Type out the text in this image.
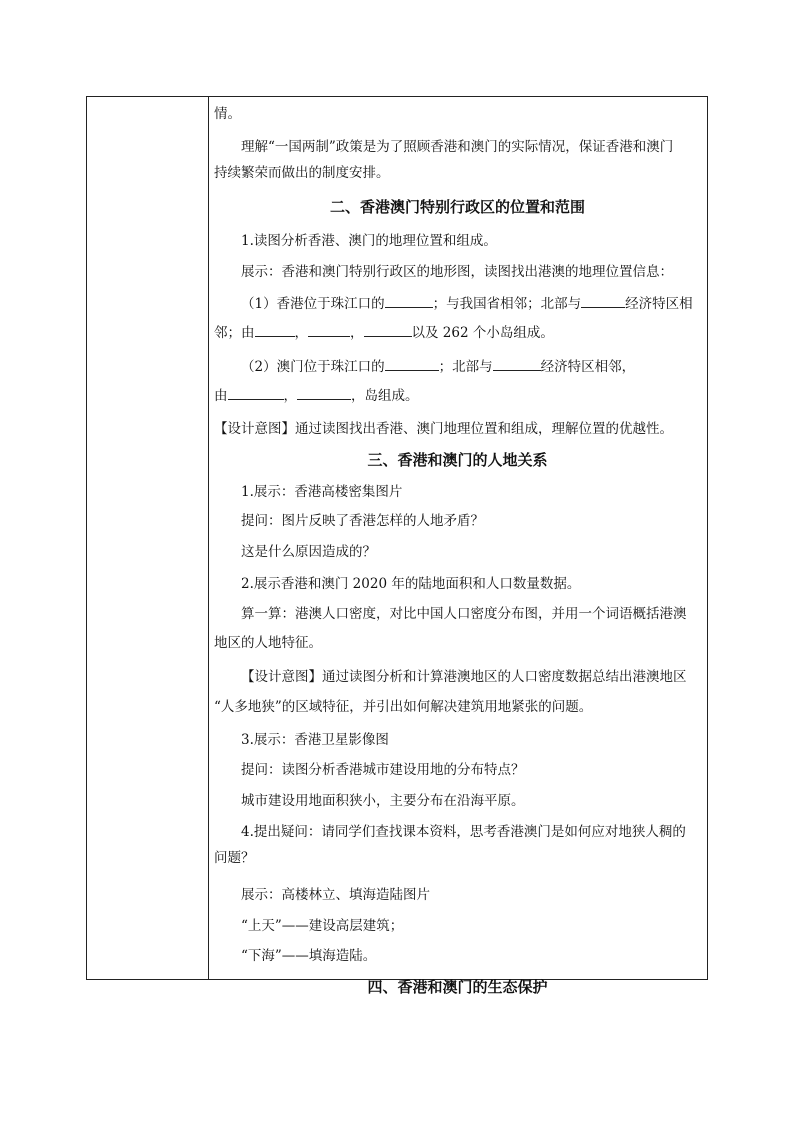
情。
理解“一国两制”政策是为了照顾香港和澳门的实际情况，保证香港和澳门
持续繁荣而做出的制度安排。
二、香港澳门特别行政区的位置和范围
1.读图分析香港、澳门的地理位置和组成。
展示：香港和澳门特别行政区的地形图，读图找出港澳的地理位置信息：
（1）香港位于珠江口的	；与我国省相邻；北部与	经济特区相
邻；由	，	，	以及 262 个小岛组成。
（2）澳门位于珠江口的	；北部与	经济特区相邻，
由	，	，岛组成。
【设计意图】通过读图找出香港、澳门地理位置和组成，理解位置的优越性。
三、香港和澳门的人地关系
1.展示：香港高楼密集图片
提问：图片反映了香港怎样的人地矛盾？
这是什么原因造成的？
2.展示香港和澳门 2020 年的陆地面积和人口数量数据。
算一算：港澳人口密度，对比中国人口密度分布图，并用一个词语概括港澳
地区的人地特征。
【设计意图】通过读图分析和计算港澳地区的人口密度数据总结出港澳地区
“人多地狭”的区域特征，并引出如何解决建筑用地紧张的问题。
3.展示：香港卫星影像图
提问：读图分析香港城市建设用地的分布特点？
城市建设用地面积狭小，主要分布在沿海平原。
4.提出疑问：请同学们查找课本资料，思考香港澳门是如何应对地狭人稠的
问题？
展示：高楼林立、填海造陆图片
“上天”——建设高层建筑；
“下海”——填海造陆。
四、香港和澳门的生态保护
